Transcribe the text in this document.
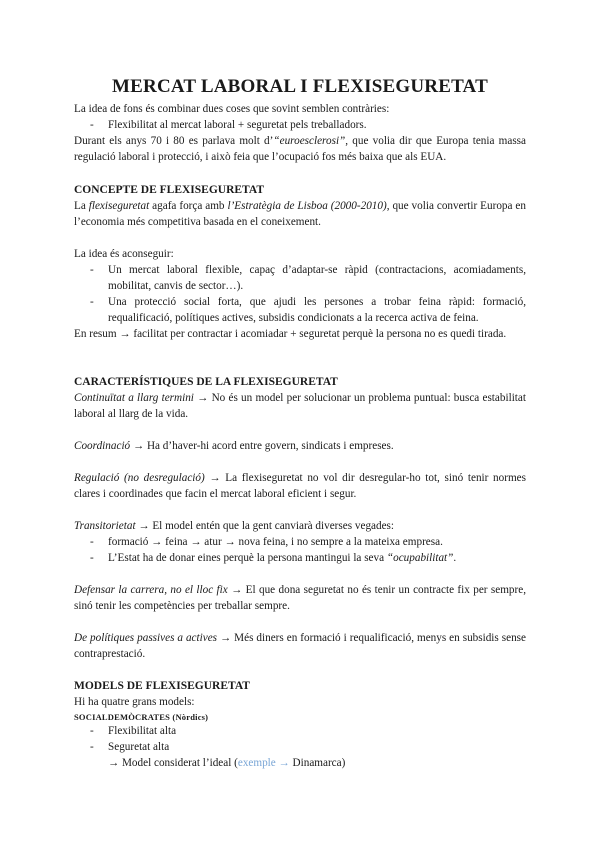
MERCAT LABORAL I FLEXISEGURETAT

La idea de fons és combinar dues coses que sovint semblen contràries:

- Flexibilitat al mercat laboral + seguretat pels treballadors.

Durant els anys 70 i 80 es parlava molt d’“euroesclerosi”, que volia dir que Europa tenia massa regulació laboral i protecció, i això feia que l’ocupació fos més baixa que als EUA.

CONCEPTE DE FLEXISEGURETAT

La flexiseguretat agafa força amb l’Estratègia de Lisboa (2000-2010), que volia convertir Europa en l’economia més competitiva basada en el coneixement.

La idea és aconseguir:

- Un mercat laboral flexible, capaç d’adaptar-se ràpid (contractacions, acomiadaments, mobilitat, canvis de sector…).
- Una protecció social forta, que ajudi les persones a trobar feina ràpid: formació, requalificació, polítiques actives, subsidis condicionats a la recerca activa de feina.

En resum → facilitat per contractar i acomiadar + seguretat perquè la persona no es quedi tirada.

CARACTERÍSTIQUES DE LA FLEXISEGURETAT

Continuïtat a llarg termini → No és un model per solucionar un problema puntual: busca estabilitat laboral al llarg de la vida.

Coordinació → Ha d’haver-hi acord entre govern, sindicats i empreses.

Regulació (no desregulació) → La flexiseguretat no vol dir desregular-ho tot, sinó tenir normes clares i coordinades que facin el mercat laboral eficient i segur.

Transitorietat → El model entén que la gent canviarà diverses vegades:

- formació → feina → atur → nova feina, i no sempre a la mateixa empresa.
- L’Estat ha de donar eines perquè la persona mantingui la seva “ocupabilitat”.

Defensar la carrera, no el lloc fix → El que dona seguretat no és tenir un contracte fix per sempre, sinó tenir les competències per treballar sempre.

De polítiques passives a actives → Més diners en formació i requalificació, menys en subsidis sense contraprestació.

MODELS DE FLEXISEGURETAT

Hi ha quatre grans models:

SOCIALDEMÒCRATES (Nòrdics)

- Flexibilitat alta
- Seguretat alta

→ Model considerat l’ideal (exemple → Dinamarca)
